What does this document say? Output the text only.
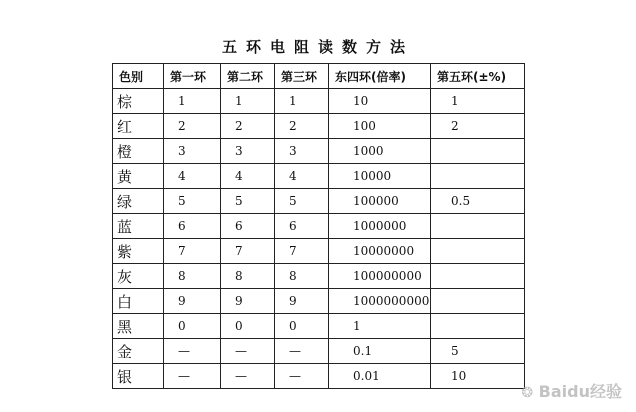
五环电阻读数方法
色别	第一环	第二环	第三环	东四环(倍率)	第五环(±%)
棕	1	1	1	10	1
红	2	2	2	100	2
橙	3	3	3	1000	
黄	4	4	4	10000	
绿	5	5	5	100000	0.5
蓝	6	6	6	1000000	
紫	7	7	7	10000000	
灰	8	8	8	100000000	
白	9	9	9	1000000000	
黑	0	0	0	1	
金	—	—	—	0.1	5
银	—	—	—	0.01	10
❂ Baidu经验
